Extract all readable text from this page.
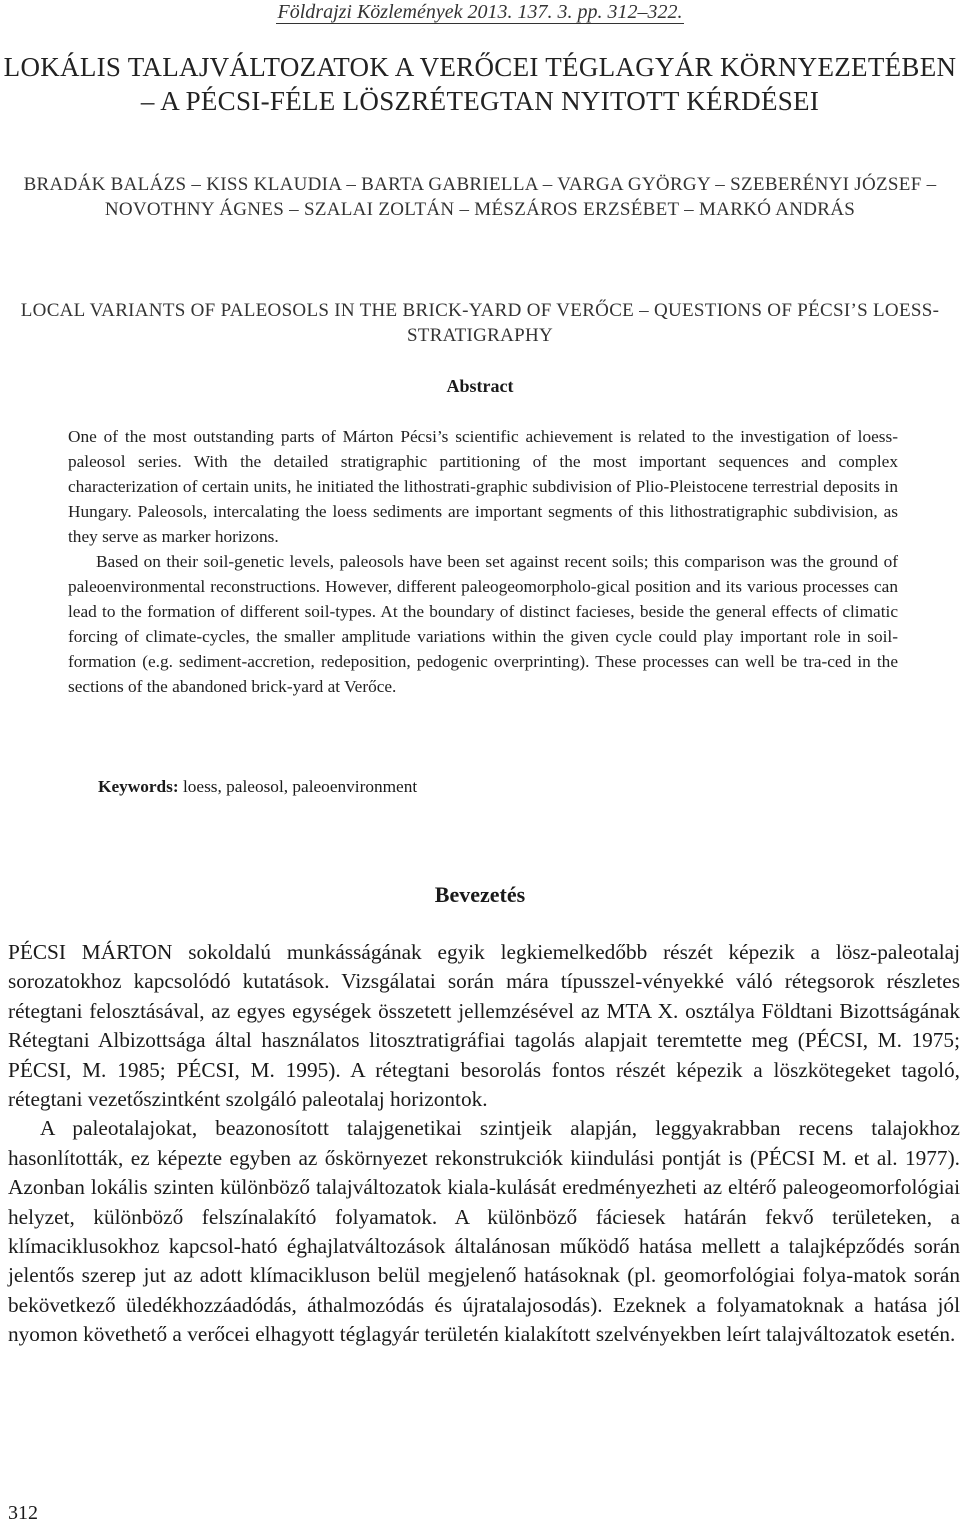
Földrajzi Közlemények 2013. 137. 3. pp. 312–322.
LOKÁLIS TALAJVÁLTOZATOK A VERŐCEI TÉGLAGYÁR KÖRNYEZETÉBEN – A PÉCSI-FÉLE LÖSZRÉTEGTAN NYITOTT KÉRDÉSEI
BRADÁK BALÁZS – KISS KLAUDIA – BARTA GABRIELLA – VARGA GYÖRGY – SZEBERÉNYI JÓZSEF – NOVOTHNY ÁGNES – SZALAI ZOLTÁN – MÉSZÁROS ERZSÉBET – MARKÓ ANDRÁS
LOCAL VARIANTS OF PALEOSOLS IN THE BRICK-YARD OF VERŐCE – QUESTIONS OF PÉCSI’S LOESS-STRATIGRAPHY
Abstract

One of the most outstanding parts of Márton Pécsi’s scientific achievement is related to the investigation of loess-paleosol series. With the detailed stratigraphic partitioning of the most important sequences and complex characterization of certain units, he initiated the lithostrati-graphic subdivision of Plio-Pleistocene terrestrial deposits in Hungary. Paleosols, intercalating the loess sediments are important segments of this lithostratigraphic subdivision, as they serve as marker horizons.

Based on their soil-genetic levels, paleosols have been set against recent soils; this comparison was the ground of paleoenvironmental reconstructions. However, different paleogeomorpholo-gical position and its various processes can lead to the formation of different soil-types. At the boundary of distinct facieses, beside the general effects of climatic forcing of climate-cycles, the smaller amplitude variations within the given cycle could play important role in soil-formation (e.g. sediment-accretion, redeposition, pedogenic overprinting). These processes can well be tra-ced in the sections of the abandoned brick-yard at Verőce.

Keywords: loess, paleosol, paleoenvironment
Bevezetés

PÉCSI MÁRTON sokoldalú munkásságának egyik legkiemelkedőbb részét képezik a lösz-paleotalaj sorozatokhoz kapcsolódó kutatások. Vizsgálatai során mára típusszel-vényekké váló rétegsorok részletes rétegtani felosztásával, az egyes egységek összetett jellemzésével az MTA X. osztálya Földtani Bizottságának Rétegtani Albizottsága által használatos litosztratigráfiai tagolás alapjait teremtette meg (PÉCSI, M. 1975; PÉCSI, M. 1985; PÉCSI, M. 1995). A rétegtani besorolás fontos részét képezik a löszkötegeket tagoló, rétegtani vezetőszintként szolgáló paleotalaj horizontok.

A paleotalajokat, beazonosított talajgenetikai szintjeik alapján, leggyakrabban recens talajokhoz hasonlították, ez képezte egyben az őskörnyezet rekonstrukciók kiindulási pontját is (PÉCSI M. et al. 1977). Azonban lokális szinten különböző talajváltozatok kiala-kulását eredményezheti az eltérő paleogeomorfológiai helyzet, különböző felszínalakító folyamatok. A különböző fáciesek határán fekvő területeken, a klímaciklusokhoz kapcsol-ható éghajlatváltozások általánosan működő hatása mellett a talajképződés során jelentős szerep jut az adott klímacikluson belül megjelenő hatásoknak (pl. geomorfológiai folya-matok során bekövetkező üledékhozzáadódás, áthalmozódás és újratalajosodás). Ezeknek a folyamatoknak a hatása jól nyomon követhető a verőcei elhagyott téglagyár területén kialakított szelvényekben leírt talajváltozatok esetén.

312
